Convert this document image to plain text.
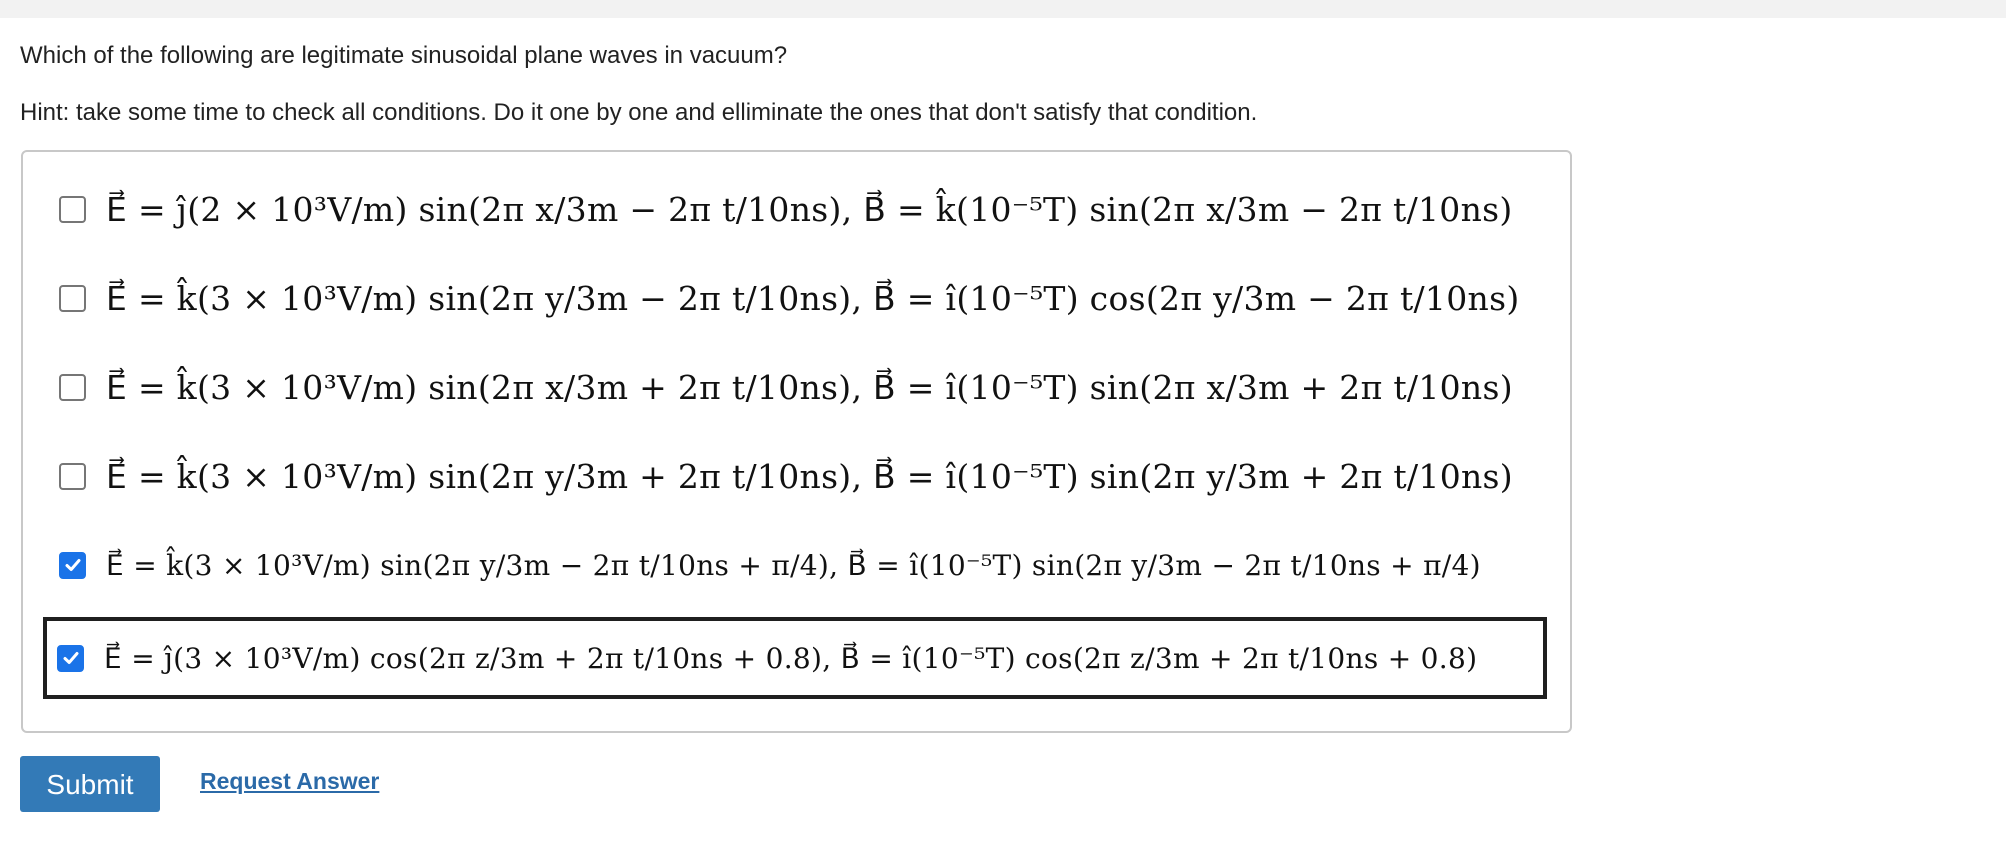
Which of the following are legitimate sinusoidal plane waves in vacuum?
Hint: take some time to check all conditions. Do it one by one and elliminate the ones that don't satisfy that condition.
E⃗ = ĵ(2 × 10³V/m) sin(2π x/3m − 2π t/10ns), B⃗ = k̂(10⁻⁵T) sin(2π x/3m − 2π t/10ns)
E⃗ = k̂(3 × 10³V/m) sin(2π y/3m − 2π t/10ns), B⃗ = î(10⁻⁵T) cos(2π y/3m − 2π t/10ns)
E⃗ = k̂(3 × 10³V/m) sin(2π x/3m + 2π t/10ns), B⃗ = î(10⁻⁵T) sin(2π x/3m + 2π t/10ns)
E⃗ = k̂(3 × 10³V/m) sin(2π y/3m + 2π t/10ns), B⃗ = î(10⁻⁵T) sin(2π y/3m + 2π t/10ns)
E⃗ = k̂(3 × 10³V/m) sin(2π y/3m − 2π t/10ns + π/4), B⃗ = î(10⁻⁵T) sin(2π y/3m − 2π t/10ns + π/4)
E⃗ = ĵ(3 × 10³V/m) cos(2π z/3m + 2π t/10ns + 0.8), B⃗ = î(10⁻⁵T) cos(2π z/3m + 2π t/10ns + 0.8)
Submit	Request Answer
